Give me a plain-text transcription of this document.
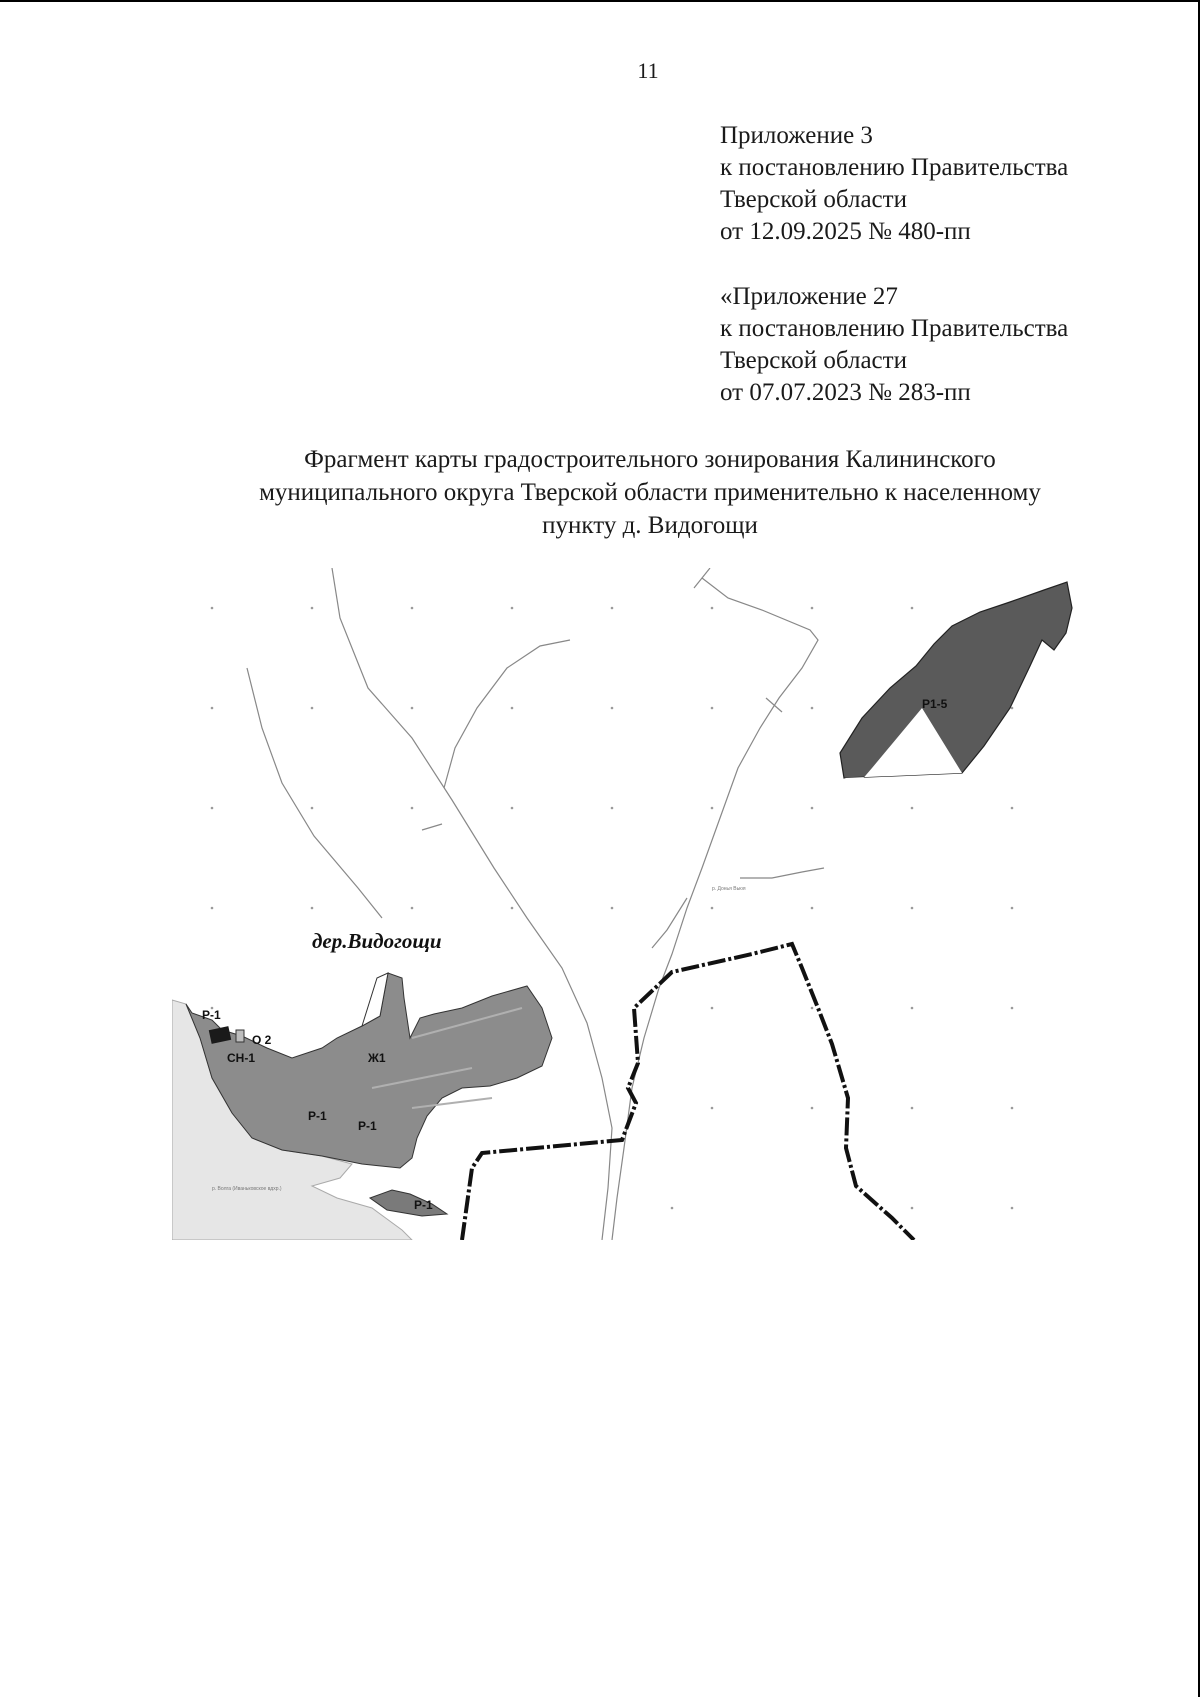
11
Приложение 3
к постановлению Правительства
Тверской области
от 12.09.2025 № 480-пп
«Приложение 27
к постановлению Правительства
Тверской области
от 07.07.2023 № 283-пп
Фрагмент карты градостроительного зонирования Калининского
муниципального округа Тверской области применительно к населенному
пункту д. Видогощи
р. Донья Вьюя
р. Волга (Иваньковское вдхр.)
дер.Видогощи
Р1-5
Р-1
О 2
СН-1	Ж1
Р-1
Р-1
Р-1
